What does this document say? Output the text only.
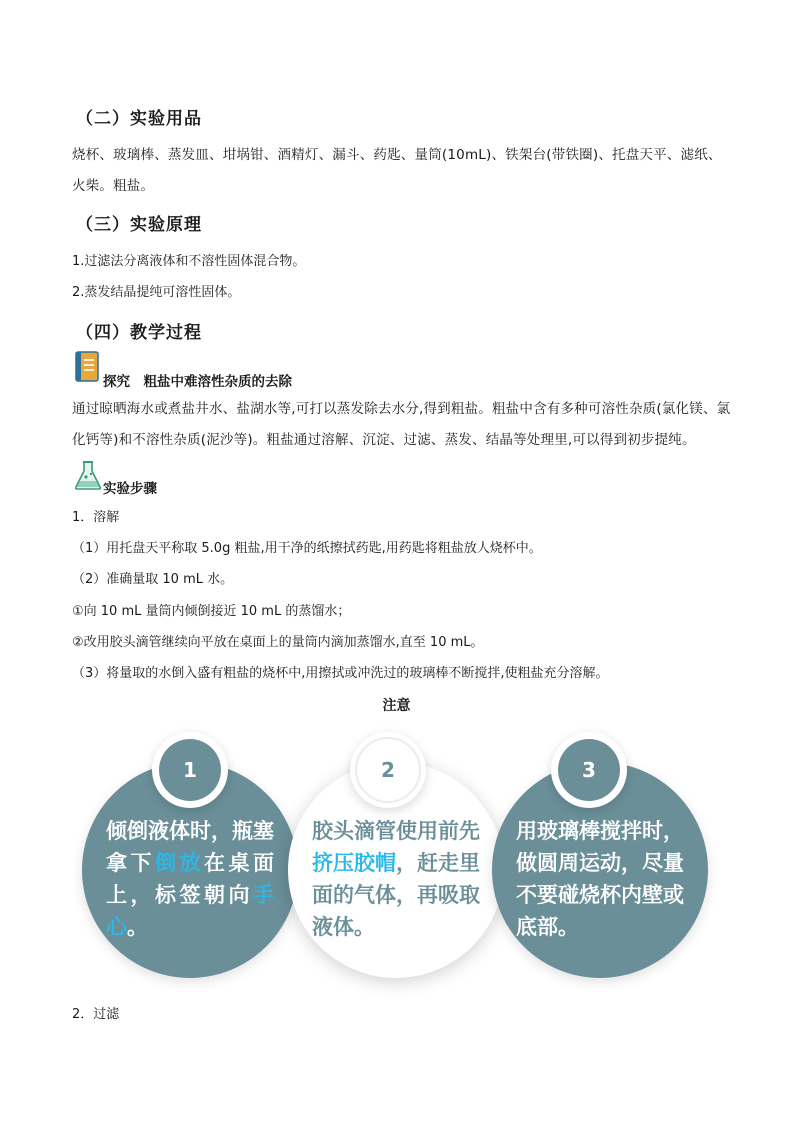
（二）实验用品
烧杯、玻璃棒、蒸发皿、坩埚钳、酒精灯、漏斗、药匙、量筒(10mL)、铁架台(带铁圈)、托盘天平、滤纸、火柴。粗盐。
（三）实验原理
1.过滤法分离液体和不溶性固体混合物。
2.蒸发结晶提纯可溶性固体。
（四）教学过程
探究　粗盐中难溶性杂质的去除
通过晾晒海水或煮盐井水、盐湖水等,可打以蒸发除去水分,得到粗盐。粗盐中含有多种可溶性杂质(氯化镁、氯化钙等)和不溶性杂质(泥沙等)。粗盐通过溶解、沉淀、过滤、蒸发、结晶等处理里,可以得到初步提纯。
实验步骤
1．溶解
（1）用托盘天平称取 5.0g 粗盐,用干净的纸擦拭药匙,用药匙将粗盐放人烧杯中。
（2）准确量取 10 mL 水。
①向 10 mL 量筒内倾倒接近 10 mL 的蒸馏水；
②改用胶头滴管继续向平放在桌面上的量筒内滴加蒸馏水,直至 10 mL。
（3）将量取的水倒入盛有粗盐的烧杯中,用擦拭或冲洗过的玻璃棒不断搅拌,使粗盐充分溶解。
注意
倾倒液体时，瓶塞拿下倒放在桌面上，标签朝向手心。
胶头滴管使用前先挤压胶帽，赶走里面的气体，再吸取液体。
用玻璃棒搅拌时，做圆周运动，尽量不要碰烧杯内壁或底部。
1	2	3
2．过滤
